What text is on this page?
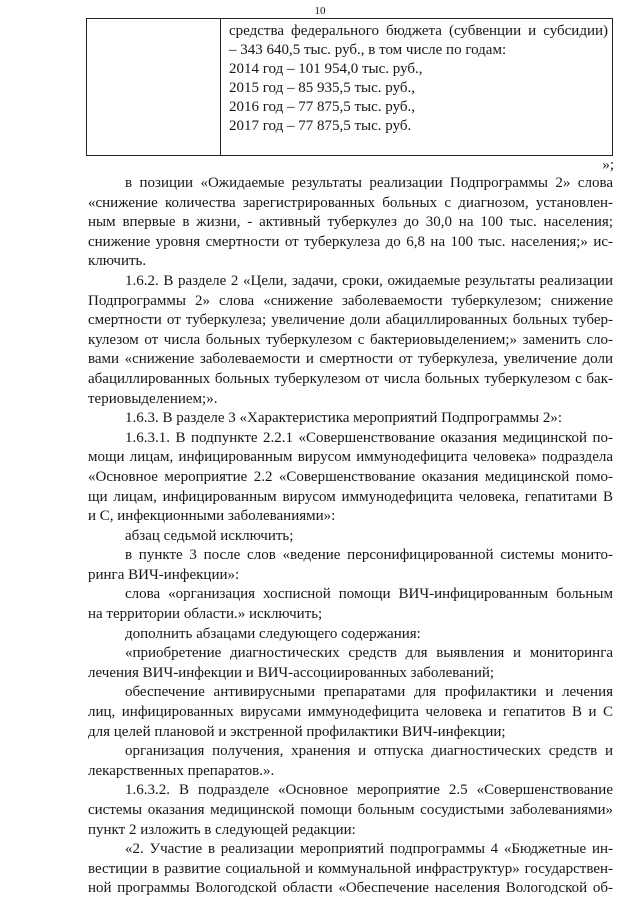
10

средства федерального бюджета (субвенции и субсидии)
– 343 640,5 тыс. руб., в том числе по годам:
2014 год – 101 954,0 тыс. руб.,
2015 год – 85 935,5 тыс. руб.,
2016 год – 77 875,5 тыс. руб.,
2017 год – 77 875,5 тыс. руб.
»;
в позиции «Ожидаемые результаты реализации Подпрограммы 2» слова
«снижение количества зарегистрированных больных с диагнозом, установлен-
ным впервые в жизни, - активный туберкулез до 30,0 на 100 тыс. населения;
снижение уровня смертности от туберкулеза до 6,8 на 100 тыс. населения;» ис-
ключить.
1.6.2. В разделе 2 «Цели, задачи, сроки, ожидаемые результаты реализации
Подпрограммы 2» слова «снижение заболеваемости туберкулезом; снижение
смертности от туберкулеза; увеличение доли абациллированных больных тубер-
кулезом от числа больных туберкулезом с бактериовыделением;» заменить сло-
вами «снижение заболеваемости и смертности от туберкулеза, увеличение доли
абациллированных больных туберкулезом от числа больных туберкулезом с бак-
териовыделением;».
1.6.3. В разделе 3 «Характеристика мероприятий Подпрограммы 2»:
1.6.3.1. В подпункте 2.2.1 «Совершенствование оказания медицинской по-
мощи лицам, инфицированным вирусом иммунодефицита человека» подраздела
«Основное мероприятие 2.2 «Совершенствование оказания медицинской помо-
щи лицам, инфицированным вирусом иммунодефицита человека, гепатитами В
и С, инфекционными заболеваниями»:
абзац седьмой исключить;
в пункте 3 после слов «ведение персонифицированной системы монито-
ринга ВИЧ-инфекции»:
слова «организация хосписной помощи ВИЧ-инфицированным больным
на территории области.» исключить;
дополнить абзацами следующего содержания:
«приобретение диагностических средств для выявления и мониторинга
лечения ВИЧ-инфекции и ВИЧ-ассоциированных заболеваний;
обеспечение антивирусными препаратами для профилактики и лечения
лиц, инфицированных вирусами иммунодефицита человека и гепатитов В и С
для целей плановой и экстренной профилактики ВИЧ-инфекции;
организация получения, хранения и отпуска диагностических средств и
лекарственных препаратов.».
1.6.3.2. В подразделе «Основное мероприятие 2.5 «Совершенствование
системы оказания медицинской помощи больным сосудистыми заболеваниями»
пункт 2 изложить в следующей редакции:
«2. Участие в реализации мероприятий подпрограммы 4 «Бюджетные ин-
вестиции в развитие социальной и коммунальной инфраструктур» государствен-
ной программы Вологодской области «Обеспечение населения Вологодской об-
